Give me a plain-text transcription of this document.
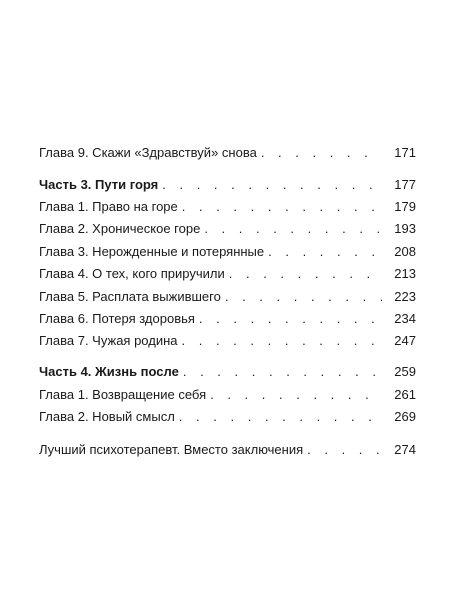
Глава 9. Скажи «Здравствуй» снова . . .	171
Часть 3. Пути горя . . .	177
Глава 1. Право на горе . . .	179
Глава 2. Хроническое горе . . .	193
Глава 3. Нерожденные и потерянные . . .	208
Глава 4. О тех, кого приручили . . .	213
Глава 5. Расплата выжившего . . .	223
Глава 6. Потеря здоровья . . .	234
Глава 7. Чужая родина . . .	247
Часть 4. Жизнь после . . .	259
Глава 1. Возвращение себя . . .	261
Глава 2. Новый смысл . . .	269
Лучший психотерапевт. Вместо заключения . . .	274
